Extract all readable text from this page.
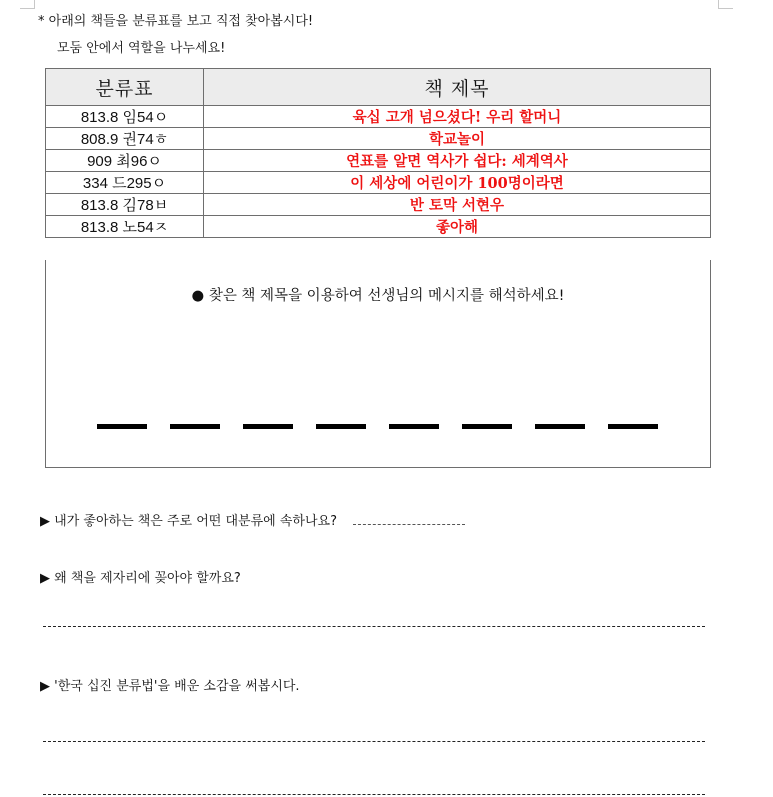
* 아래의 책들을 분류표를 보고 직접 찾아봅시다!
모둠 안에서 역할을 나누세요!
분류표	책 제목
813.8 임54ㅇ	육십 고개 넘으셨다! 우리 할머니
808.9 권74ㅎ	학교놀이
909 최96ㅇ	연표를 알면 역사가 쉽다: 세계역사
334 드295ㅇ	이 세상에 어린이가 100명이라면
813.8 김78ㅂ	반 토막 서현우
813.8 노54ㅈ	좋아해
● 찾은 책 제목을 이용하여 선생님의 메시지를 해석하세요!
▶ 내가 좋아하는 책은 주로 어떤 대분류에 속하나요?
▶ 왜 책을 제자리에 꽂아야 할까요?
▶ '한국 십진 분류법'을 배운 소감을 써봅시다.
